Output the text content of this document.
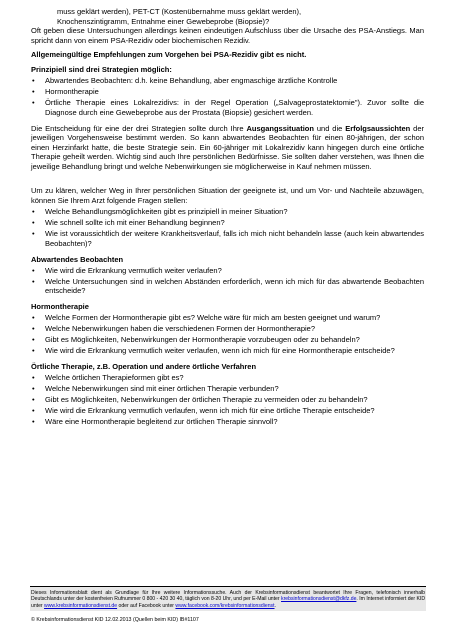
muss geklärt werden), PET-CT (Kostenübernahme muss geklärt werden),

Knochenszintigramm, Entnahme einer Gewebeprobe (Biopsie)?

Oft geben diese Untersuchungen allerdings keinen eindeutigen Aufschluss über die Ursache des PSA-Anstiegs. Man spricht dann von einem PSA-Rezidiv oder biochemischen Rezidiv.

Allgemeingültige Empfehlungen zum Vorgehen bei PSA-Rezidiv gibt es nicht.

Prinzipiell sind drei Strategien möglich:

• Abwartendes Beobachten: d.h. keine Behandlung, aber engmaschige ärztliche Kontrolle
• Hormontherapie
• Örtliche Therapie eines Lokalrezidivs: in der Regel Operation („Salvageprostatektomie"). Zuvor sollte die Diagnose durch eine Gewebeprobe aus der Prostata (Biopsie) gesichert werden.

Die Entscheidung für eine der drei Strategien sollte durch Ihre Ausgangssituation und die Erfolgsaussichten der jeweiligen Vorgehensweise bestimmt werden. So kann abwartendes Beobachten für einen 80-jährigen, der schon einen Herzinfarkt hatte, die beste Strategie sein. Ein 60-jähriger mit Lokalrezidiv kann hingegen durch eine örtliche Therapie geheilt werden. Wichtig sind auch Ihre persönlichen Bedürfnisse. Sie sollten daher verstehen, was Ihnen die jeweilige Behandlung bringt und welche Nebenwirkungen sie möglicherweise in Kauf nehmen müssen.

Um zu klären, welcher Weg in Ihrer persönlichen Situation der geeignete ist, und um Vor- und Nachteile abzuwägen, können Sie Ihrem Arzt folgende Fragen stellen:

• Welche Behandlungsmöglichkeiten gibt es prinzipiell in meiner Situation?
• Wie schnell sollte ich mit einer Behandlung beginnen?
• Wie ist voraussichtlich der weitere Krankheitsverlauf, falls ich mich nicht behandeln lasse (auch kein abwartendes Beobachten)?

Abwartendes Beobachten

• Wie wird die Erkrankung vermutlich weiter verlaufen?
• Welche Untersuchungen sind in welchen Abständen erforderlich, wenn ich mich für das abwartende Beobachten entscheide?

Hormontherapie

• Welche Formen der Hormontherapie gibt es? Welche wäre für mich am besten geeignet und warum?
• Welche Nebenwirkungen haben die verschiedenen Formen der Hormontherapie?
• Gibt es Möglichkeiten, Nebenwirkungen der Hormontherapie vorzubeugen oder zu behandeln?
• Wie wird die Erkrankung vermutlich weiter verlaufen, wenn ich mich für eine Hormontherapie entscheide?

Örtliche Therapie, z.B. Operation und andere örtliche Verfahren

• Welche örtlichen Therapieformen gibt es?
• Welche Nebenwirkungen sind mit einer örtlichen Therapie verbunden?
• Gibt es Möglichkeiten, Nebenwirkungen der örtlichen Therapie zu vermeiden oder zu behandeln?
• Wie wird die Erkrankung vermutlich verlaufen, wenn ich mich für eine örtliche Therapie entscheide?
• Wäre eine Hormontherapie begleitend zur örtlichen Therapie sinnvoll?
Dieses Informationsblatt dient als Grundlage für Ihre weitere Informationssuche. Auch der Krebsinformationsdienst beantwortet Ihre Fragen, telefonisch innerhalb Deutschlands unter der kostenfreien Rufnummer 0 800 - 420 30 40, täglich von 8-20 Uhr, und per E-Mail unter krebsinformationsdienst@dkfz.de. Im Internet informiert der KID unter www.krebsinformationsdienst.de oder auf Facebook unter www.facebook.com/krebsinformationsdienst.
© Krebsinformationsdienst KID 12.02.2013 (Quellen beim KID) IB#1107
